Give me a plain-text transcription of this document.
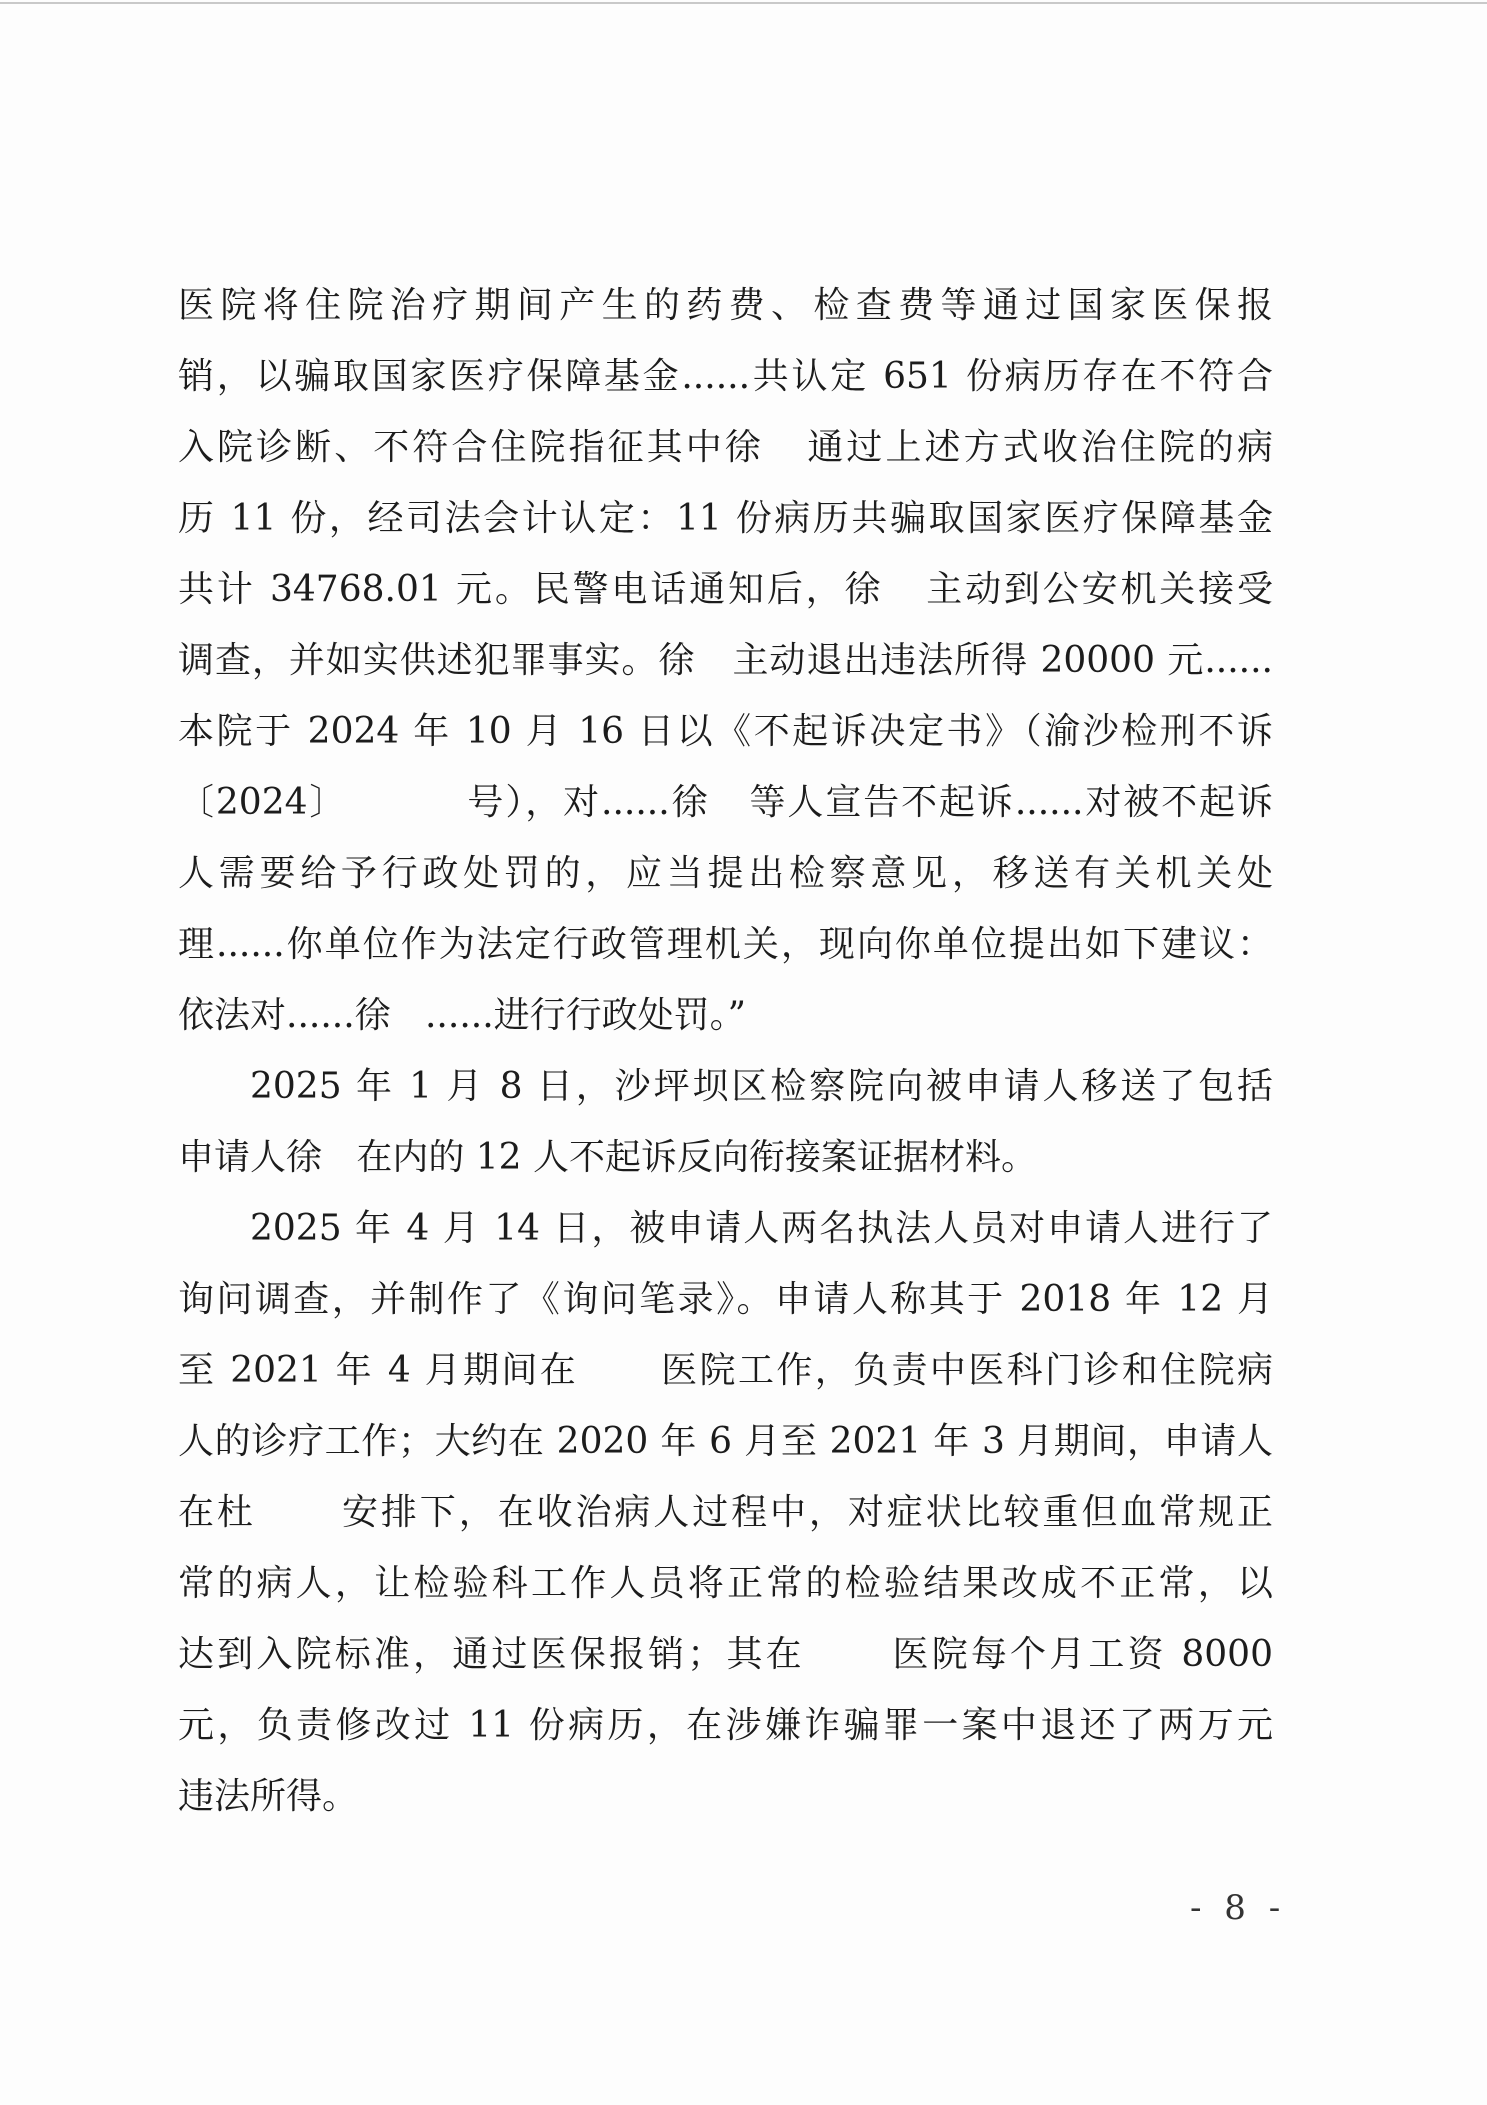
医院将住院治疗期间产生的药费、检查费等通过国家医保报
销，以骗取国家医疗保障基金......共认定 651 份病历存在不符合
入院诊断、不符合住院指征其中徐   通过上述方式收治住院的病
历 11 份，经司法会计认定：11 份病历共骗取国家医疗保障基金
共计 34768.01 元。民警电话通知后，徐   主动到公安机关接受
调查，并如实供述犯罪事实。徐   主动退出违法所得 20000 元......
本院于 2024 年 10 月 16 日以《不起诉决定书》（渝沙检刑不诉
〔2024〕         号），对......徐   等人宣告不起诉......对被不起诉
人需要给予行政处罚的，应当提出检察意见，移送有关机关处
理......你单位作为法定行政管理机关，现向你单位提出如下建议：
依法对......徐   ......进行行政处罚。”
2025 年 1 月 8 日，沙坪坝区检察院向被申请人移送了包括
申请人徐   在内的 12 人不起诉反向衔接案证据材料。
2025 年 4 月 14 日，被申请人两名执法人员对申请人进行了
询问调查，并制作了《询问笔录》。申请人称其于 2018 年 12 月
至 2021 年 4 月期间在      医院工作，负责中医科门诊和住院病
人的诊疗工作；大约在 2020 年 6 月至 2021 年 3 月期间，申请人
在杜      安排下，在收治病人过程中，对症状比较重但血常规正
常的病人，让检验科工作人员将正常的检验结果改成不正常，以
达到入院标准，通过医保报销；其在      医院每个月工资 8000
元，负责修改过 11 份病历，在涉嫌诈骗罪一案中退还了两万元
违法所得。
- 8 -
